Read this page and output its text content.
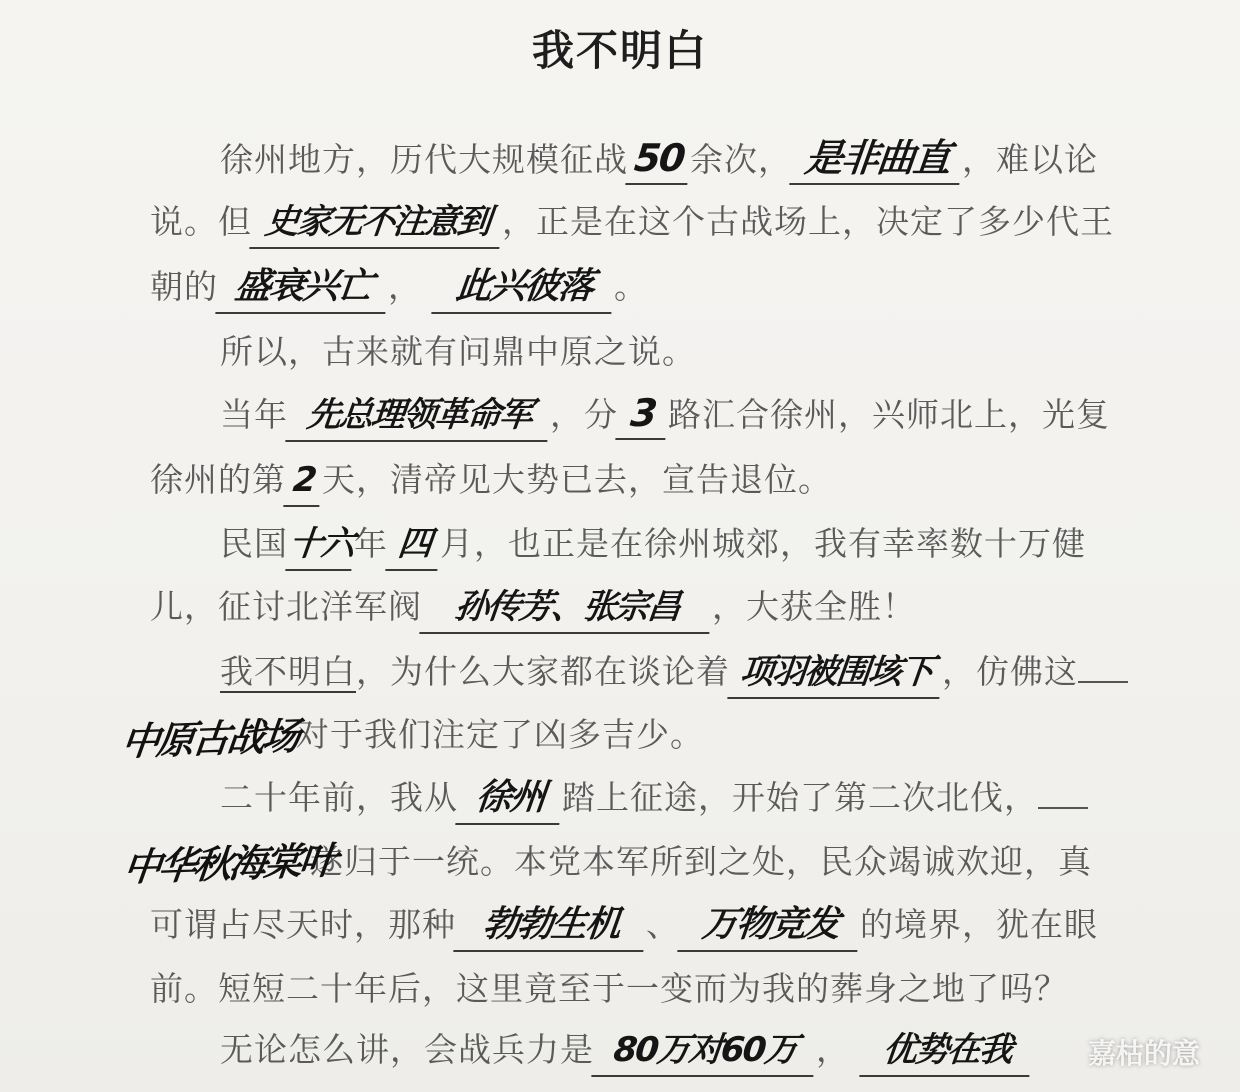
我不明白
徐州地方，历代大规模征战 50 余次， 是非曲直 ，难以论
说。但 史家无不注意到 ，正是在这个古战场上，决定了多少代王
朝的 盛衰兴亡 ， 此兴彼落 。
所以，古来就有问鼎中原之说。
当年 先总理领革命军 ，分 3 路汇合徐州，兴师北上，光复
徐州的第 2 天，清帝见大势已去，宣告退位。
民国十六年 四 月，也正是在徐州城郊，我有幸率数十万健
儿，征讨北洋军阀 孙传芳、张宗昌 ，大获全胜！
我不明白，为什么大家都在谈论着 项羽被围垓下 ，仿佛这
中原古战场
对于我们注定了凶多吉少。
二十年前，我从 徐州 踏上征途，开始了第二次北伐，
中华秋海棠叶
遂归于一统。本党本军所到之处，民众竭诚欢迎，真
可谓占尽天时，那种 勃勃生机 、 万物竞发 的境界，犹在眼
前。短短二十年后，这里竟至于一变而为我的葬身之地了吗？
无论怎么讲，会战兵力是 80万对60万 ， 优势在我	嘉枯的意
